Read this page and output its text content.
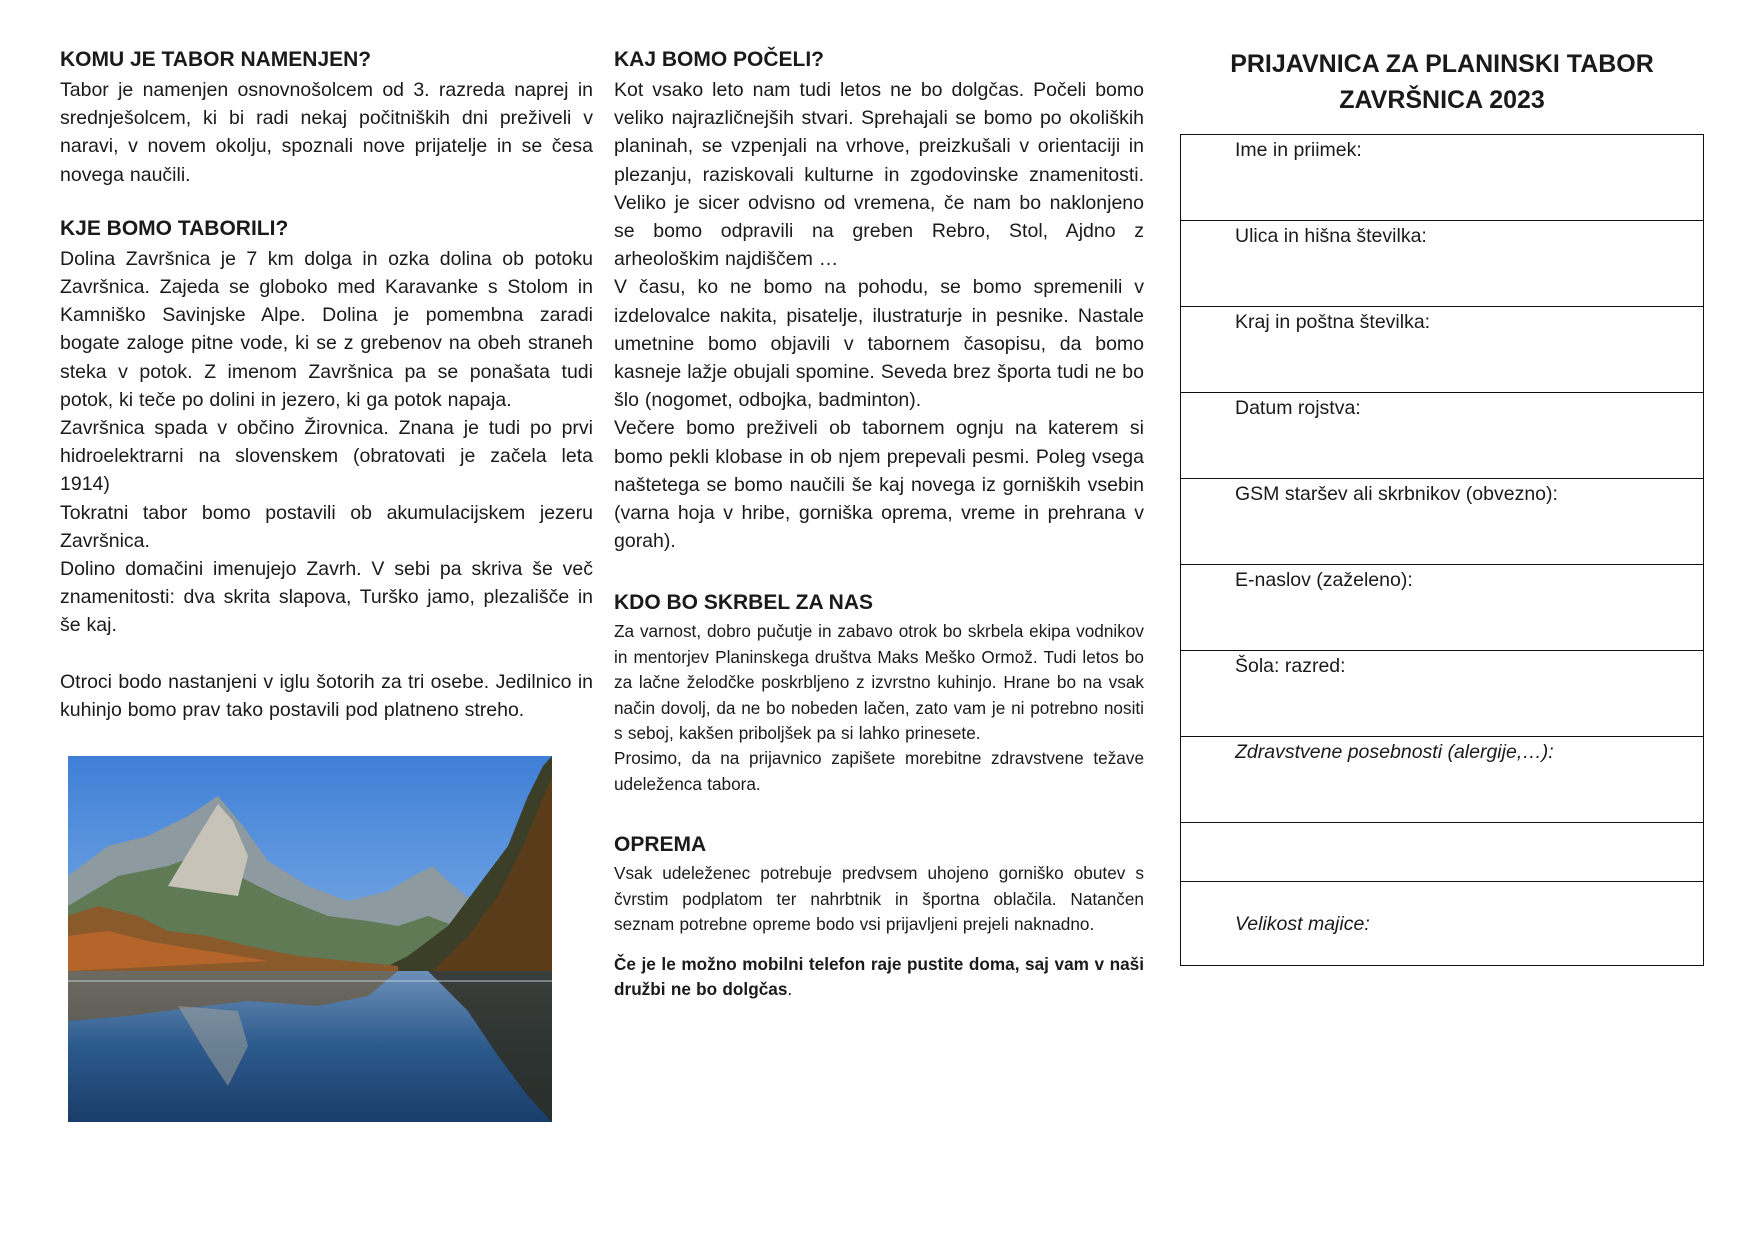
KOMU JE TABOR NAMENJEN?

Tabor je namenjen osnovnošolcem od 3. razreda naprej in srednješolcem, ki bi radi nekaj počitniških dni preživeli v naravi, v novem okolju, spoznali nove prijatelje in se česa novega naučili.

KJE BOMO TABORILI?

Dolina Završnica je 7 km dolga in ozka dolina ob potoku Završnica. Zajeda se globoko med Karavanke s Stolom in Kamniško Savinjske Alpe. Dolina je pomembna zaradi bogate zaloge pitne vode, ki se z grebenov na obeh straneh steka v potok. Z imenom Završnica pa se ponašata tudi potok, ki teče po dolini in jezero, ki ga potok napaja.

Završnica spada v občino Žirovnica. Znana je tudi po prvi hidroelektrarni na slovenskem (obratovati je začela leta 1914)

Tokratni tabor bomo postavili ob akumulacijskem jezeru Završnica.

Dolino domačini imenujejo Zavrh. V sebi pa skriva še več znamenitosti: dva skrita slapova, Turško jamo, plezališče in še kaj.

Otroci bodo nastanjeni v iglu šotorih za tri osebe. Jedilnico in kuhinjo bomo prav tako postavili pod platneno streho.

KAJ BOMO POČELI?

Kot vsako leto nam tudi letos ne bo dolgčas. Počeli bomo veliko najrazličnejših stvari. Sprehajali se bomo po okoliških planinah, se vzpenjali na vrhove, preizkušali v orientaciji in plezanju, raziskovali kulturne in zgodovinske znamenitosti. Veliko je sicer odvisno od vremena, če nam bo naklonjeno se bomo odpravili na greben Rebro, Stol, Ajdno z arheološkim najdiščem …

V času, ko ne bomo na pohodu, se bomo spremenili v izdelovalce nakita, pisatelje, ilustraturje in pesnike. Nastale umetnine bomo objavili v tabornem časopisu, da bomo kasneje lažje obujali spomine. Seveda brez športa tudi ne bo šlo (nogomet, odbojka, badminton).

Večere bomo preživeli ob tabornem ognju na katerem si bomo pekli klobase in ob njem prepevali pesmi. Poleg vsega naštetega se bomo naučili še kaj novega iz gorniških vsebin (varna hoja v hribe, gorniška oprema, vreme in prehrana v gorah).

KDO BO SKRBEL ZA NAS

Za varnost, dobro pučutje in zabavo otrok bo skrbela ekipa vodnikov in mentorjev Planinskega društva Maks Meško Ormož. Tudi letos bo za lačne želodčke poskrbljeno z izvrstno kuhinjo. Hrane bo na vsak način dovolj, da ne bo nobeden lačen, zato vam je ni potrebno nositi s seboj, kakšen priboljšek pa si lahko prinesete.

Prosimo, da na prijavnico zapišete morebitne zdravstvene težave udeleženca tabora.

OPREMA

Vsak udeleženec potrebuje predvsem uhojeno gorniško obutev s čvrstim podplatom ter nahrbtnik in športna oblačila. Natančen seznam potrebne opreme bodo vsi prijavljeni prejeli naknadno.

Če je le možno mobilni telefon raje pustite doma, saj vam v naši družbi ne bo dolgčas.

PRIJAVNICA ZA PLANINSKI TABOR
ZAVRŠNICA 2023
Ime in priimek:
Ulica in hišna številka:
Kraj in poštna številka:
Datum rojstva:
GSM staršev ali skrbnikov (obvezno):
E-naslov (zaželeno):
Šola: razred:
Zdravstvene posebnosti (alergije,…):

Velikost majice:
